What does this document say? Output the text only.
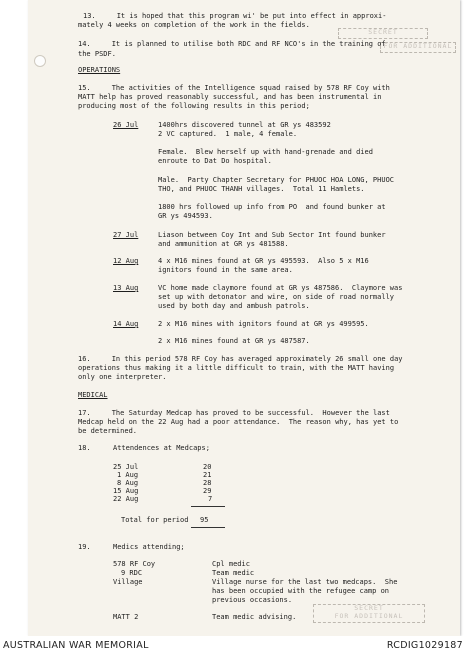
SECRET
FOR ADDITIONAL
13.     It is hoped that this program wi' be put into effect in approxi-
mately 4 weeks on completion of the work in the fields.
14.     It is planned to utilise both RDC and RF NCO's in the training of
the PSDF.
OPERATIONS
15.     The activities of the Intelligence squad raised by 578 RF Coy with
MATT help has proved reasonably successful, and has been instrumental in
producing most of the following results in this period;
26 Jul	1400hrs discovered tunnel at GR ys 483592
2 VC captured.  1 male, 4 female.
Female.  Blew herself up with hand-grenade and died
enroute to Dat Do hospital.
Male.  Party Chapter Secretary for PHUOC HOA LONG, PHUOC
THO, and PHUOC THANH villages.  Total 11 Hamlets.
1800 hrs followed up info from PO  and found bunker at
GR ys 494593.
27 Jul	Liason between Coy Int and Sub Sector Int found bunker
and ammunition at GR ys 481588.
12 Aug	4 x M16 mines found at GR ys 495593.  Also 5 x M16
ignitors found in the same area.
13 Aug	VC home made claymore found at GR ys 487586.  Claymore was
set up with detonator and wire, on side of road normally
used by both day and ambush patrols.
14 Aug	2 x M16 mines with ignitors found at GR ys 499595.
2 x M16 mines found at GR ys 487587.
16.     In this period 578 RF Coy has averaged approximately 26 small one day
operations thus making it a little difficult to train, with the MATT having
only one interpreter.
MEDICAL
17.     The Saturday Medcap has proved to be successful.  However the last
Medcap held on the 22 Aug had a poor attendance.  The reason why, has yet to
be determined.
18.	Attendences at Medcaps;
25 Jul	20
1 Aug	21
8 Aug	28
15 Aug	29
22 Aug	7
Total for period 95
19.	Medics attending;
578 RF Coy	Cpl medic
9 RDC	Team medic
Village	Village nurse for the last two medcaps.  She
has been occupied with the refugee camp on
previous occasions.
SECRET
FOR ADDITIONAL
MATT 2	Team medic advising.
AUSTRALIAN WAR MEMORIAL	RCDIG1029187
